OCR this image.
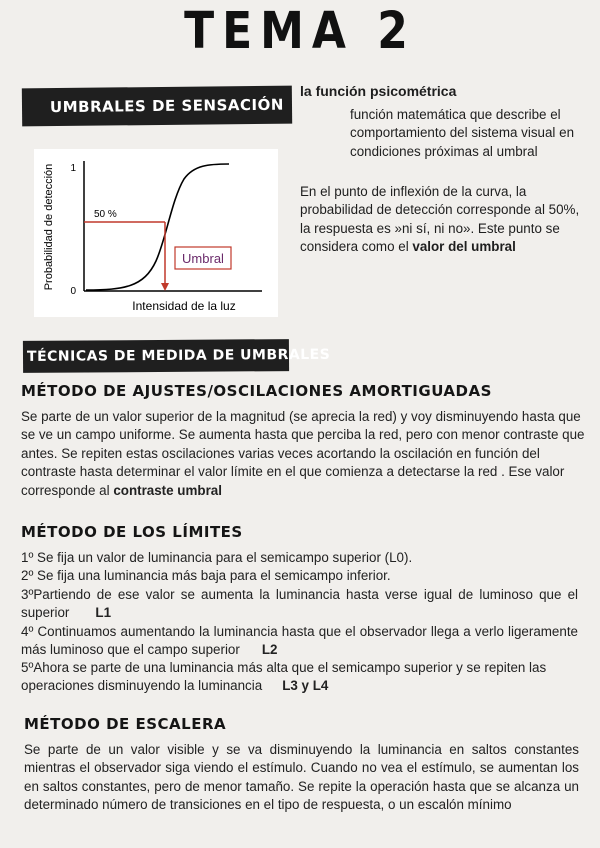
TEMA 2
UMBRALES DE SENSACIÓN
Umbral
50 %
1
0
Probabilidad de detección
Intensidad de la luz
la función psicométrica
función matemática que describe el comportamiento del sistema visual en condiciones próximas al umbral
En el punto de inflexión de la curva, la probabilidad de detección corresponde al 50%, la respuesta es »ni sí, ni no». Este punto se considera como el valor del umbral
TÉCNICAS DE MEDIDA DE UMBRALES
MÉTODO DE AJUSTES/OSCILACIONES AMORTIGUADAS
Se parte de un valor superior de la magnitud (se aprecia la red) y voy disminuyendo hasta que se ve un campo uniforme. Se aumenta hasta que perciba la red, pero con menor contraste que antes. Se repiten estas oscilaciones varias veces acortando la oscilación en función del contraste hasta determinar el valor límite en el que comienza a detectarse la red . Ese valor corresponde al contraste umbral
MÉTODO DE LOS LÍMITES
1º Se fija un valor de luminancia para el semicampo superior (L0).
2º Se fija una luminancia más baja para el semicampo inferior.
3ºPartiendo de ese valor se aumenta la luminancia hasta verse igual de luminoso que el superior L1
4º Continuamos aumentando la luminancia hasta que el observador llega a verlo ligeramente más luminoso que el campo superior L2
5ºAhora se parte de una luminancia más alta que el semicampo superior y se repiten las operaciones disminuyendo la luminancia L3 y L4
MÉTODO DE ESCALERA
Se parte de un valor visible y se va disminuyendo la luminancia en saltos constantes mientras el observador siga viendo el estímulo. Cuando no vea el estímulo, se aumentan los en saltos constantes, pero de menor tamaño. Se repite la operación hasta que se alcanza un determinado número de transiciones en el tipo de respuesta, o un escalón mínimo
